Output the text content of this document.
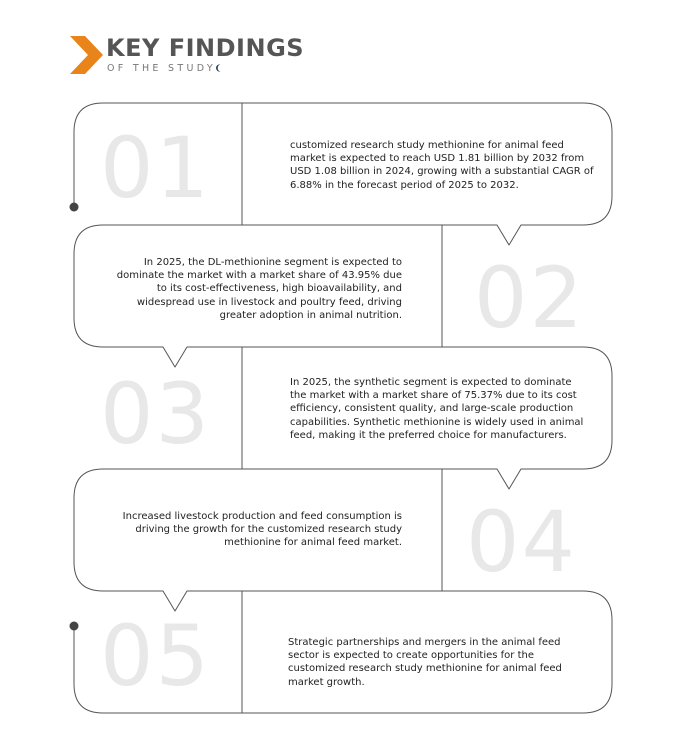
KEY FINDINGS
OF THE STUDY
01	customized research study methionine for animal feed market is expected to reach USD 1.81 billion by 2032 from USD 1.08 billion in 2024, growing with a substantial CAGR of 6.88% in the forecast period of 2025 to 2032.

02

In 2025, the DL-methionine segment is expected to dominate the market with a market share of 43.95% due to its cost-effectiveness, high bioavailability, and widespread use in livestock and poultry feed, driving greater adoption in animal nutrition.

03	In 2025, the synthetic segment is expected to dominate the market with a market share of 75.37% due to its cost efficiency, consistent quality, and large-scale production capabilities. Synthetic methionine is widely used in animal feed, making it the preferred choice for manufacturers.

04

Increased livestock production and feed consumption is driving the growth for the customized research study methionine for animal feed market.

05	Strategic partnerships and mergers in the animal feed sector is expected to create opportunities for the customized research study methionine for animal feed market growth.
